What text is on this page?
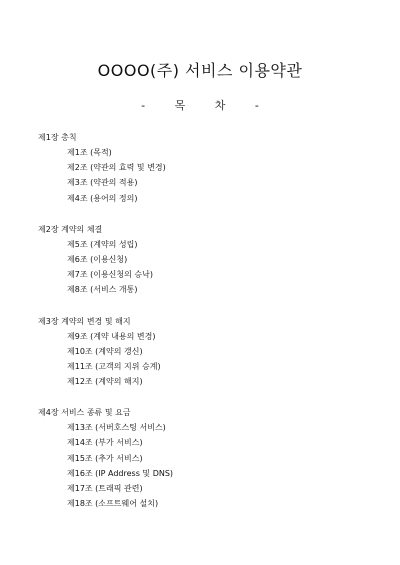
OOOO(주) 서비스 이용약관
- 목 차 -
제1장 총칙
제1조 (목적)
제2조 (약관의 효력 및 변경)
제3조 (약관의 적용)
제4조 (용어의 정의)
제2장 계약의 체결
제5조 (계약의 성립)
제6조 (이용신청)
제7조 (이용신청의 승낙)
제8조 (서비스 개통)
제3장 계약의 변경 및 해지
제9조 (계약 내용의 변경)
제10조 (계약의 갱신)
제11조 (고객의 지위 승계)
제12조 (계약의 해지)
제4장 서비스 종류 및 요금
제13조 (서버호스팅 서비스)
제14조 (부가 서비스)
제15조 (추가 서비스)
제16조 (IP Address 및 DNS)
제17조 (트래픽 관련)
제18조 (소프트웨어 설치)
